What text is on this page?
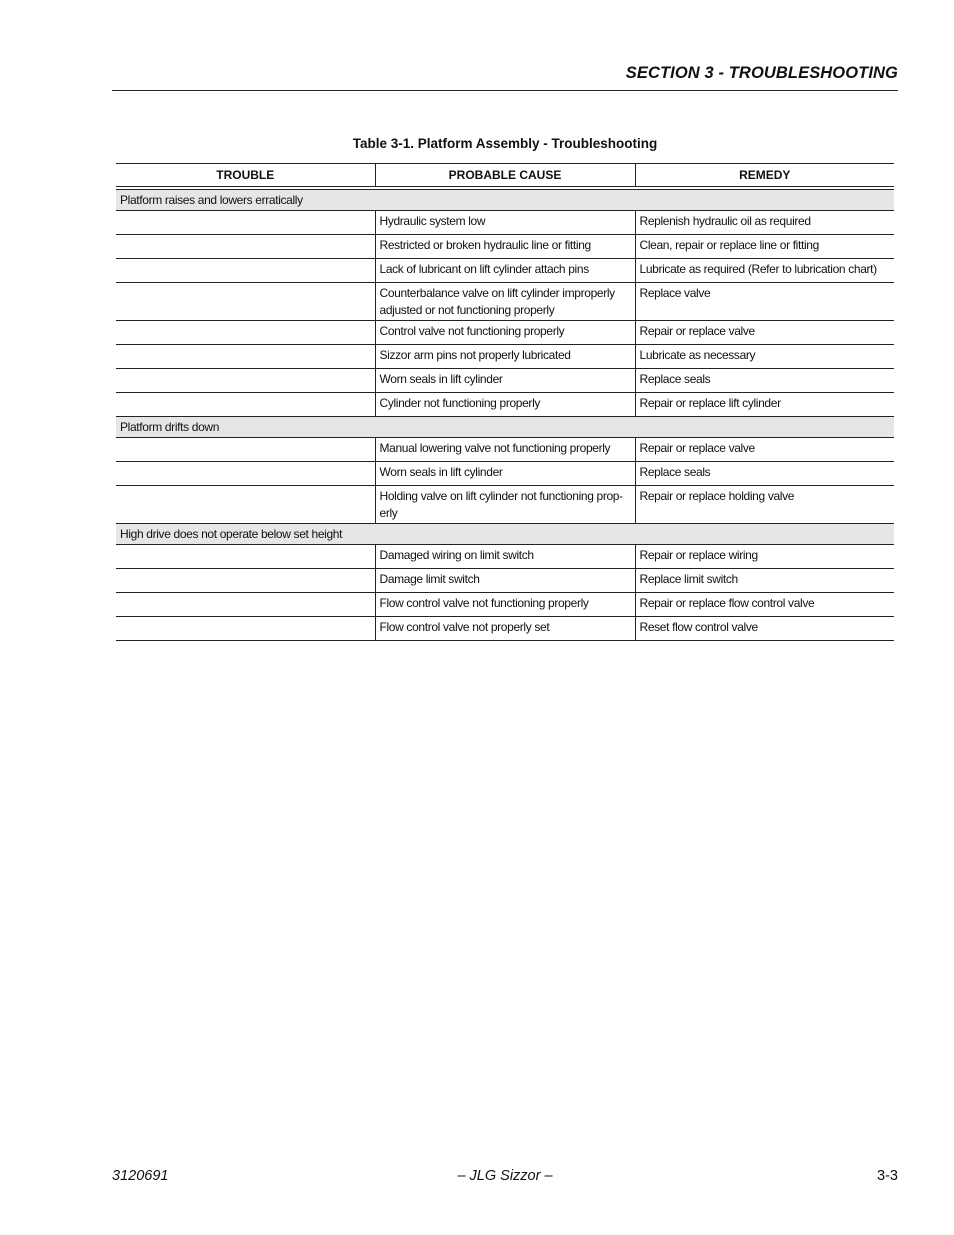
SECTION 3 - TROUBLESHOOTING
Table 3-1. Platform Assembly - Troubleshooting
TROUBLE	PROBABLE CAUSE	REMEDY

Platform raises and lowers erratically		
	Hydraulic system low	Replenish hydraulic oil as required
	Restricted or broken hydraulic line or fitting	Clean, repair or replace line or fitting
	Lack of lubricant on lift cylinder attach pins	Lubricate as required (Refer to lubrication chart)
	Counterbalance valve on lift cylinder improperly adjusted or not functioning properly	Replace valve
	Control valve not functioning properly	Repair or replace valve
	Sizzor arm pins not properly lubricated	Lubricate as necessary
	Worn seals in lift cylinder	Replace seals
	Cylinder not functioning properly	Repair or replace lift cylinder
Platform drifts down		
	Manual lowering valve not functioning properly	Repair or replace valve
	Worn seals in lift cylinder	Replace seals
	Holding valve on lift cylinder not functioning prop-erly	Repair or replace holding valve
High drive does not operate below set height		
	Damaged wiring on limit switch	Repair or replace wiring
	Damage limit switch	Replace limit switch
	Flow control valve not functioning properly	Repair or replace flow control valve
	Flow control valve not properly set	Reset flow control valve
3120691	– JLG Sizzor –	3-3
